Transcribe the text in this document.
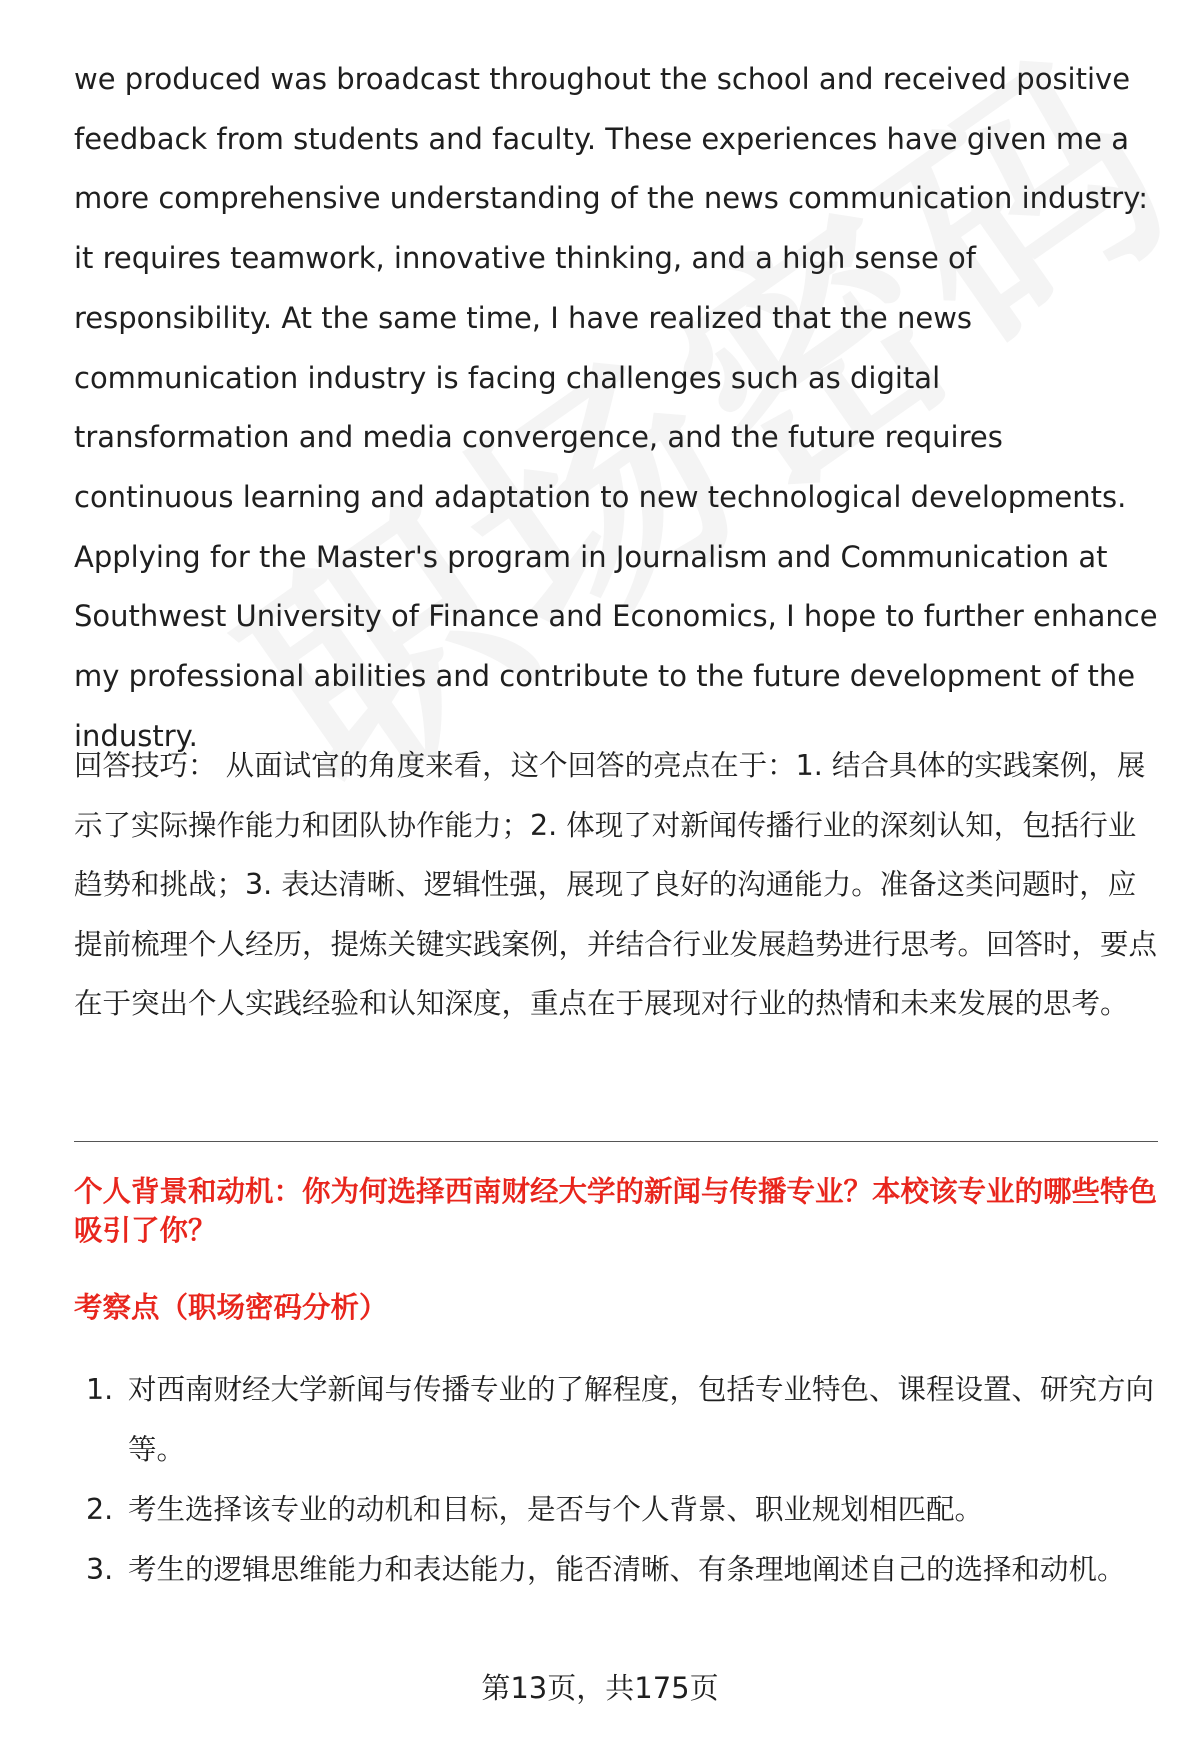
we produced was broadcast throughout the school and received positive feedback from students and faculty. These experiences have given me a more comprehensive understanding of the news communication industry: it requires teamwork, innovative thinking, and a high sense of responsibility. At the same time, I have realized that the news communication industry is facing challenges such as digital transformation and media convergence, and the future requires continuous learning and adaptation to new technological developments. Applying for the Master's program in Journalism and Communication at Southwest University of Finance and Economics, I hope to further enhance my professional abilities and contribute to the future development of the industry.

回答技巧： 从面试官的角度来看，这个回答的亮点在于：1. 结合具体的实践案例，展示了实际操作能力和团队协作能力；2. 体现了对新闻传播行业的深刻认知，包括行业趋势和挑战；3. 表达清晰、逻辑性强，展现了良好的沟通能力。准备这类问题时，应提前梳理个人经历，提炼关键实践案例，并结合行业发展趋势进行思考。回答时，要点在于突出个人实践经验和认知深度，重点在于展现对行业的热情和未来发展的思考。

个人背景和动机：你为何选择西南财经大学的新闻与传播专业？本校该专业的哪些特色吸引了你？

考察点（职场密码分析）

1. 对西南财经大学新闻与传播专业的了解程度，包括专业特色、课程设置、研究方向等。
2. 考生选择该专业的动机和目标，是否与个人背景、职业规划相匹配。
3. 考生的逻辑思维能力和表达能力，能否清晰、有条理地阐述自己的选择和动机。
第13页，共175页
